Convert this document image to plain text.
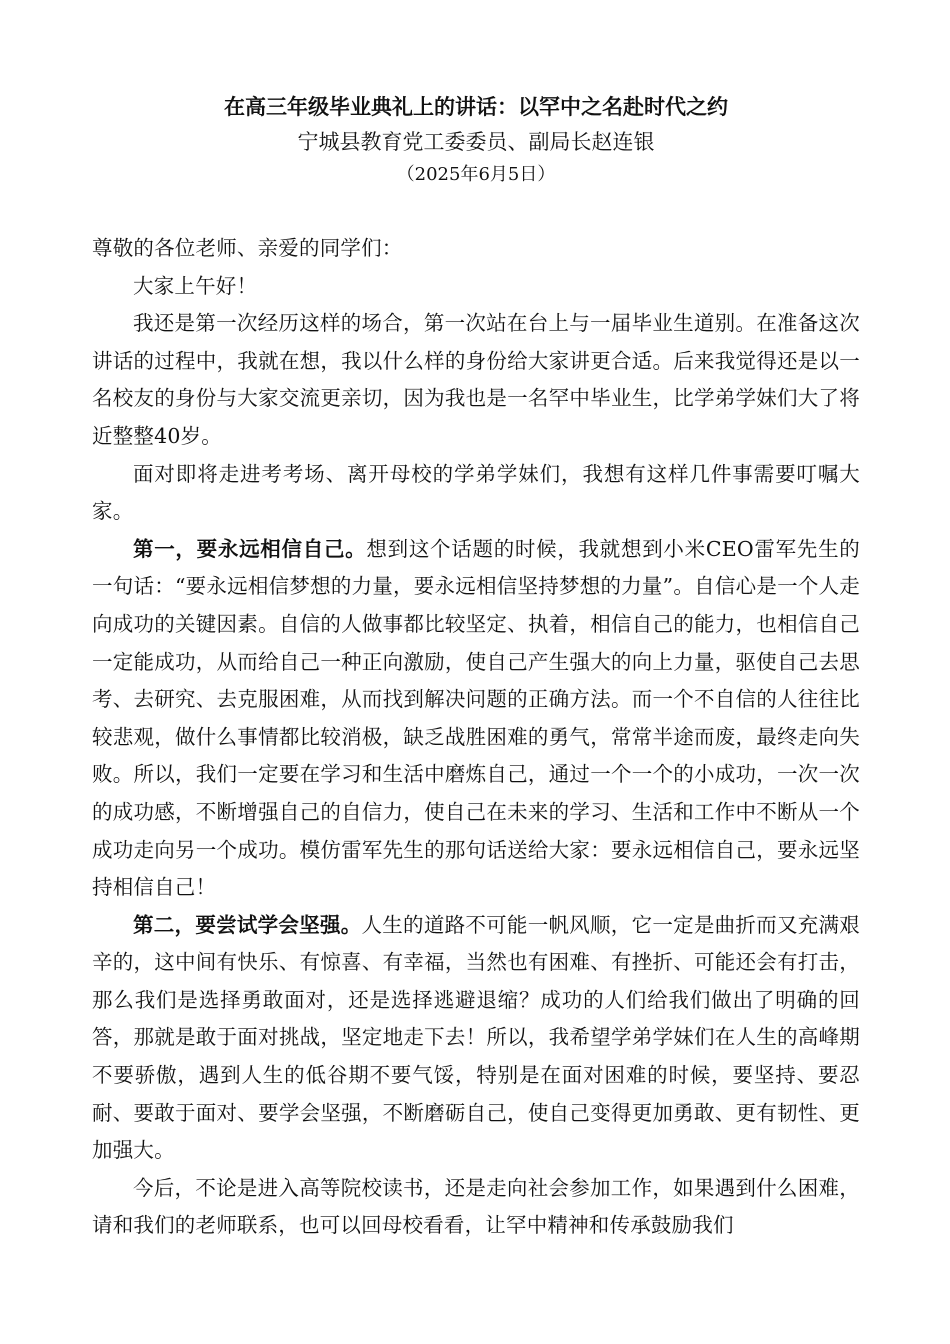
在高三年级毕业典礼上的讲话：以罕中之名赴时代之约
宁城县教育党工委委员、副局长赵连银
（2025年6月5日）

尊敬的各位老师、亲爱的同学们：

大家上午好！

我还是第一次经历这样的场合，第一次站在台上与一届毕业生道别。在准备这次讲话的过程中，我就在想，我以什么样的身份给大家讲更合适。后来我觉得还是以一名校友的身份与大家交流更亲切，因为我也是一名罕中毕业生，比学弟学妹们大了将近整整40岁。

面对即将走进考考场、离开母校的学弟学妹们，我想有这样几件事需要叮嘱大家。

第一，要永远相信自己。想到这个话题的时候，我就想到小米CEO雷军先生的一句话：“要永远相信梦想的力量，要永远相信坚持梦想的力量”。自信心是一个人走向成功的关键因素。自信的人做事都比较坚定、执着，相信自己的能力，也相信自己一定能成功，从而给自己一种正向激励，使自己产生强大的向上力量，驱使自己去思考、去研究、去克服困难，从而找到解决问题的正确方法。而一个不自信的人往往比较悲观，做什么事情都比较消极，缺乏战胜困难的勇气，常常半途而废，最终走向失败。所以，我们一定要在学习和生活中磨炼自己，通过一个一个的小成功，一次一次的成功感，不断增强自己的自信力，使自己在未来的学习、生活和工作中不断从一个成功走向另一个成功。模仿雷军先生的那句话送给大家：要永远相信自己，要永远坚持相信自己！

第二，要尝试学会坚强。人生的道路不可能一帆风顺，它一定是曲折而又充满艰辛的，这中间有快乐、有惊喜、有幸福，当然也有困难、有挫折、可能还会有打击，那么我们是选择勇敢面对，还是选择逃避退缩？成功的人们给我们做出了明确的回答，那就是敢于面对挑战，坚定地走下去！所以，我希望学弟学妹们在人生的高峰期不要骄傲，遇到人生的低谷期不要气馁，特别是在面对困难的时候，要坚持、要忍耐、要敢于面对、要学会坚强，不断磨砺自己，使自己变得更加勇敢、更有韧性、更加强大。

今后，不论是进入高等院校读书，还是走向社会参加工作，如果遇到什么困难，请和我们的老师联系，也可以回母校看看，让罕中精神和传承鼓励我们
